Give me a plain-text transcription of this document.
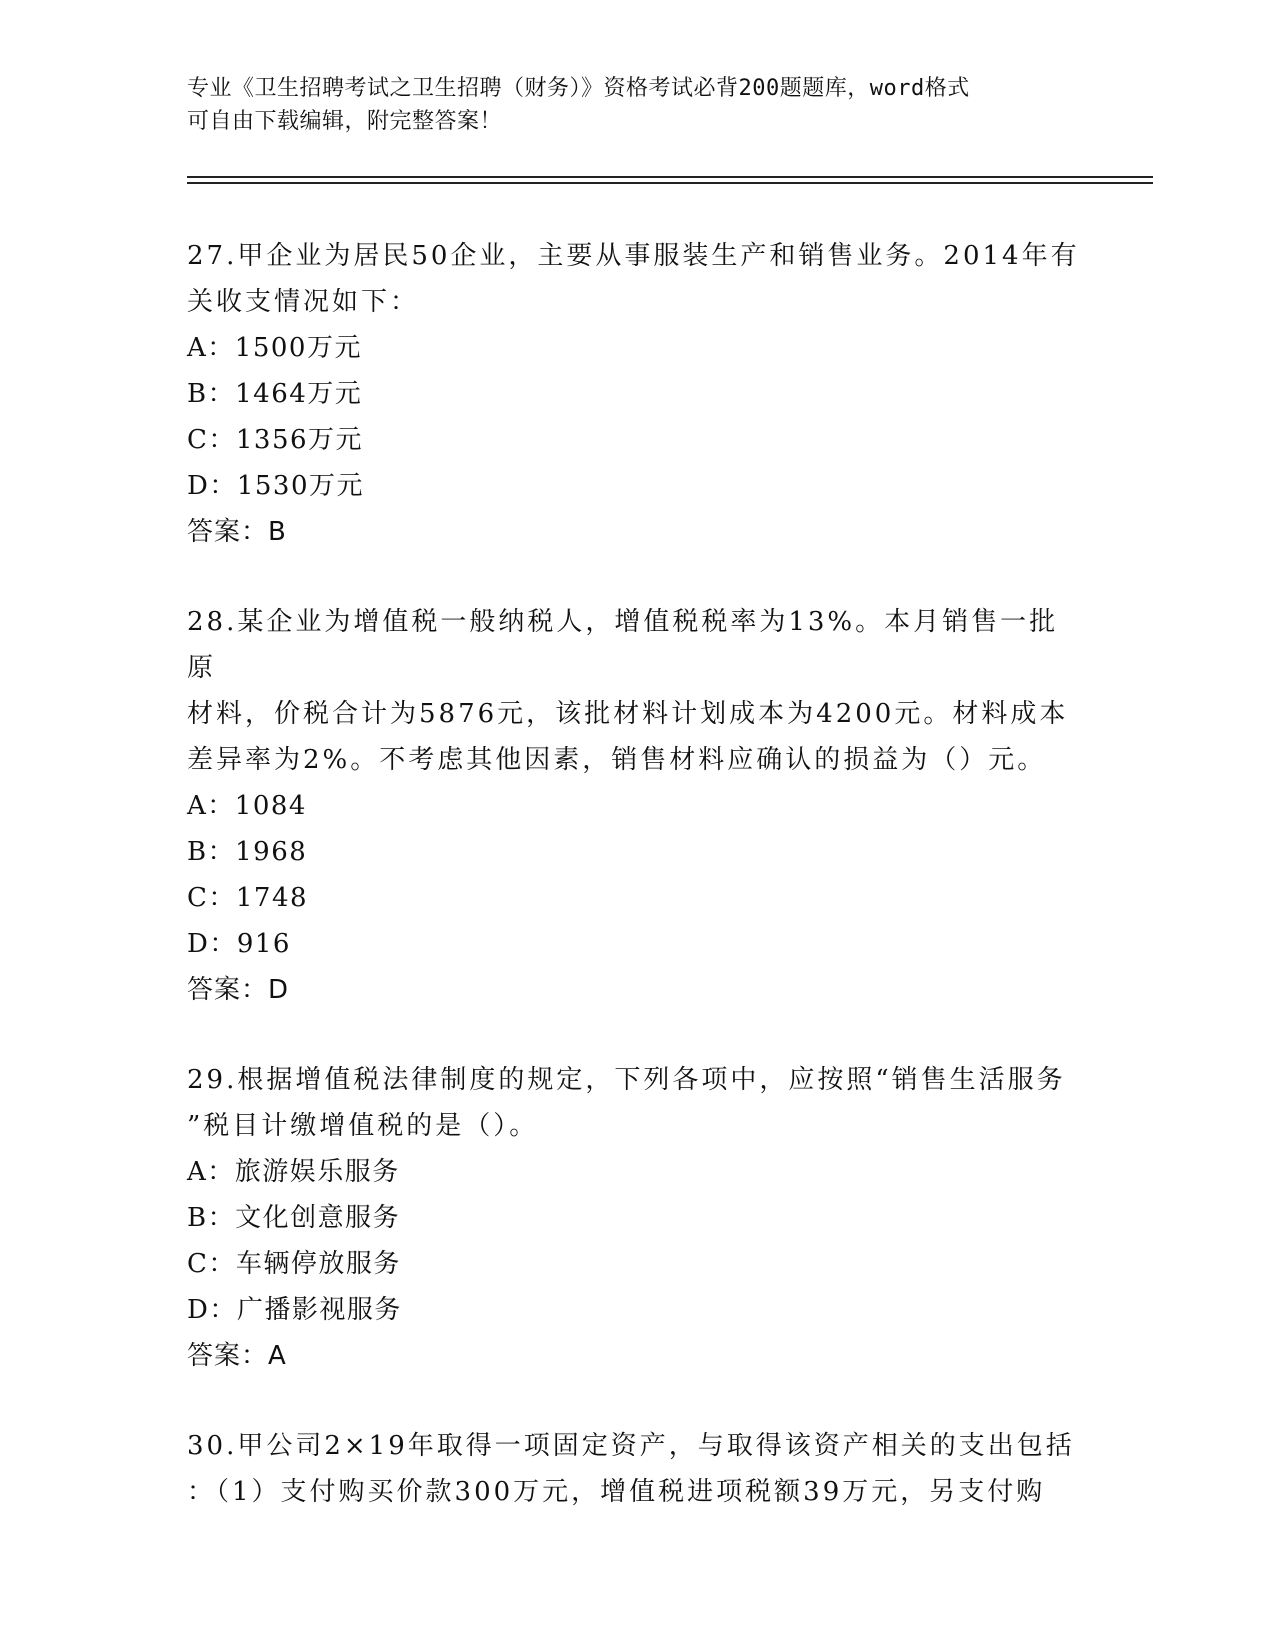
专业《卫生招聘考试之卫生招聘（财务）》资格考试必背200题题库，word格式
可自由下载编辑，附完整答案！
27.甲企业为居民50企业，主要从事服装生产和销售业务。2014年有
关收支情况如下：
A：1500万元
B：1464万元
C：1356万元
D：1530万元
答案：B
28.某企业为增值税一般纳税人，增值税税率为13%。本月销售一批原
材料，价税合计为5876元，该批材料计划成本为4200元。材料成本
差异率为2%。不考虑其他因素，销售材料应确认的损益为（）元。
A：1084
B：1968
C：1748
D：916
答案：D
29.根据增值税法律制度的规定，下列各项中，应按照“销售生活服务
”税目计缴增值税的是（）。
A：旅游娱乐服务
B：文化创意服务
C：车辆停放服务
D：广播影视服务
答案：A
30.甲公司2×19年取得一项固定资产，与取得该资产相关的支出包括
：（1）支付购买价款300万元，增值税进项税额39万元，另支付购
